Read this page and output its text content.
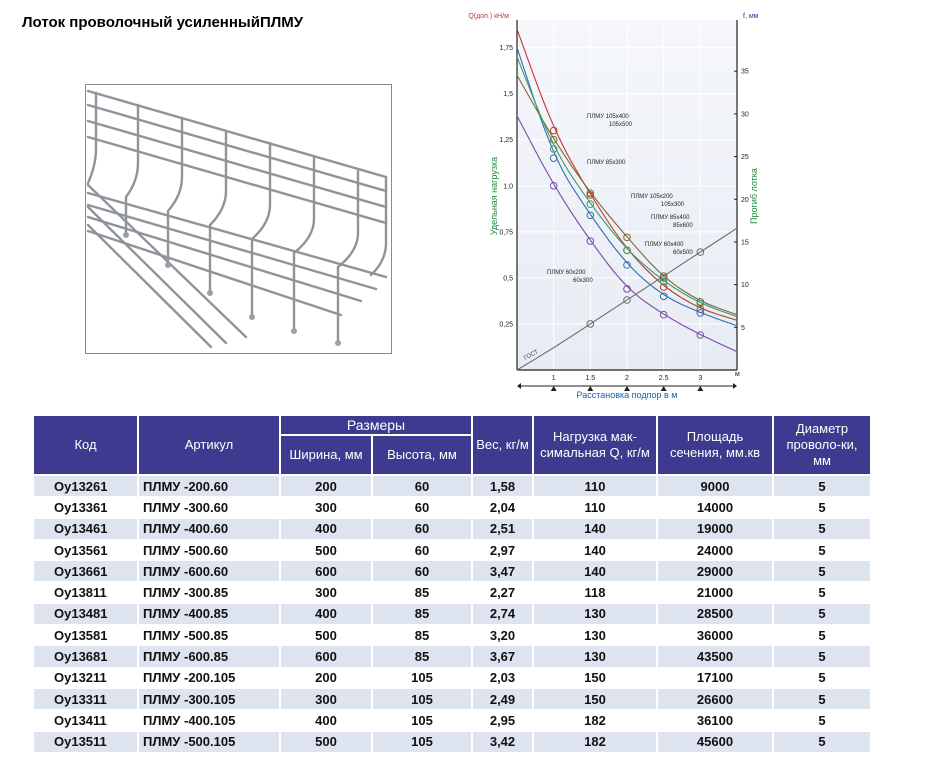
Лоток проволочный усиленныйПЛМУ
1,75
1,5
1,25
1,0
0,75
0,5
0,25
35
30
25
20
15
10
5
1	1.5	2	2.5	3
Q(доп.) кН/м	f, мм
Удельная нагрузка	Прогиб лотка
м
Расстановка подпор в м
ГОСТ
ПЛМУ 105х400
105х500
ПЛМУ 85х300
ПЛМУ 105х200
105х300
ПЛМУ 85х400
85х600
ПЛМУ 60х400
60х500
ПЛМУ 60х200
60х300
Код	Артикул	Размеры		Вес, кг/м	Нагрузка мак-симальная Q, кг/м	Площадь сечения, мм.кв	Диаметр проволо-ки, мм
		Ширина, мм	Высота, мм				
Оу13261	ПЛМУ -200.60	200	60	1,58	110	9000	5
Оу13361	ПЛМУ -300.60	300	60	2,04	110	14000	5
Оу13461	ПЛМУ -400.60	400	60	2,51	140	19000	5
Оу13561	ПЛМУ -500.60	500	60	2,97	140	24000	5
Оу13661	ПЛМУ -600.60	600	60	3,47	140	29000	5
Оу13811	ПЛМУ -300.85	300	85	2,27	118	21000	5
Оу13481	ПЛМУ -400.85	400	85	2,74	130	28500	5
Оу13581	ПЛМУ -500.85	500	85	3,20	130	36000	5
Оу13681	ПЛМУ -600.85	600	85	3,67	130	43500	5
Оу13211	ПЛМУ -200.105	200	105	2,03	150	17100	5
Оу13311	ПЛМУ -300.105	300	105	2,49	150	26600	5
Оу13411	ПЛМУ -400.105	400	105	2,95	182	36100	5
Оу13511	ПЛМУ -500.105	500	105	3,42	182	45600	5
